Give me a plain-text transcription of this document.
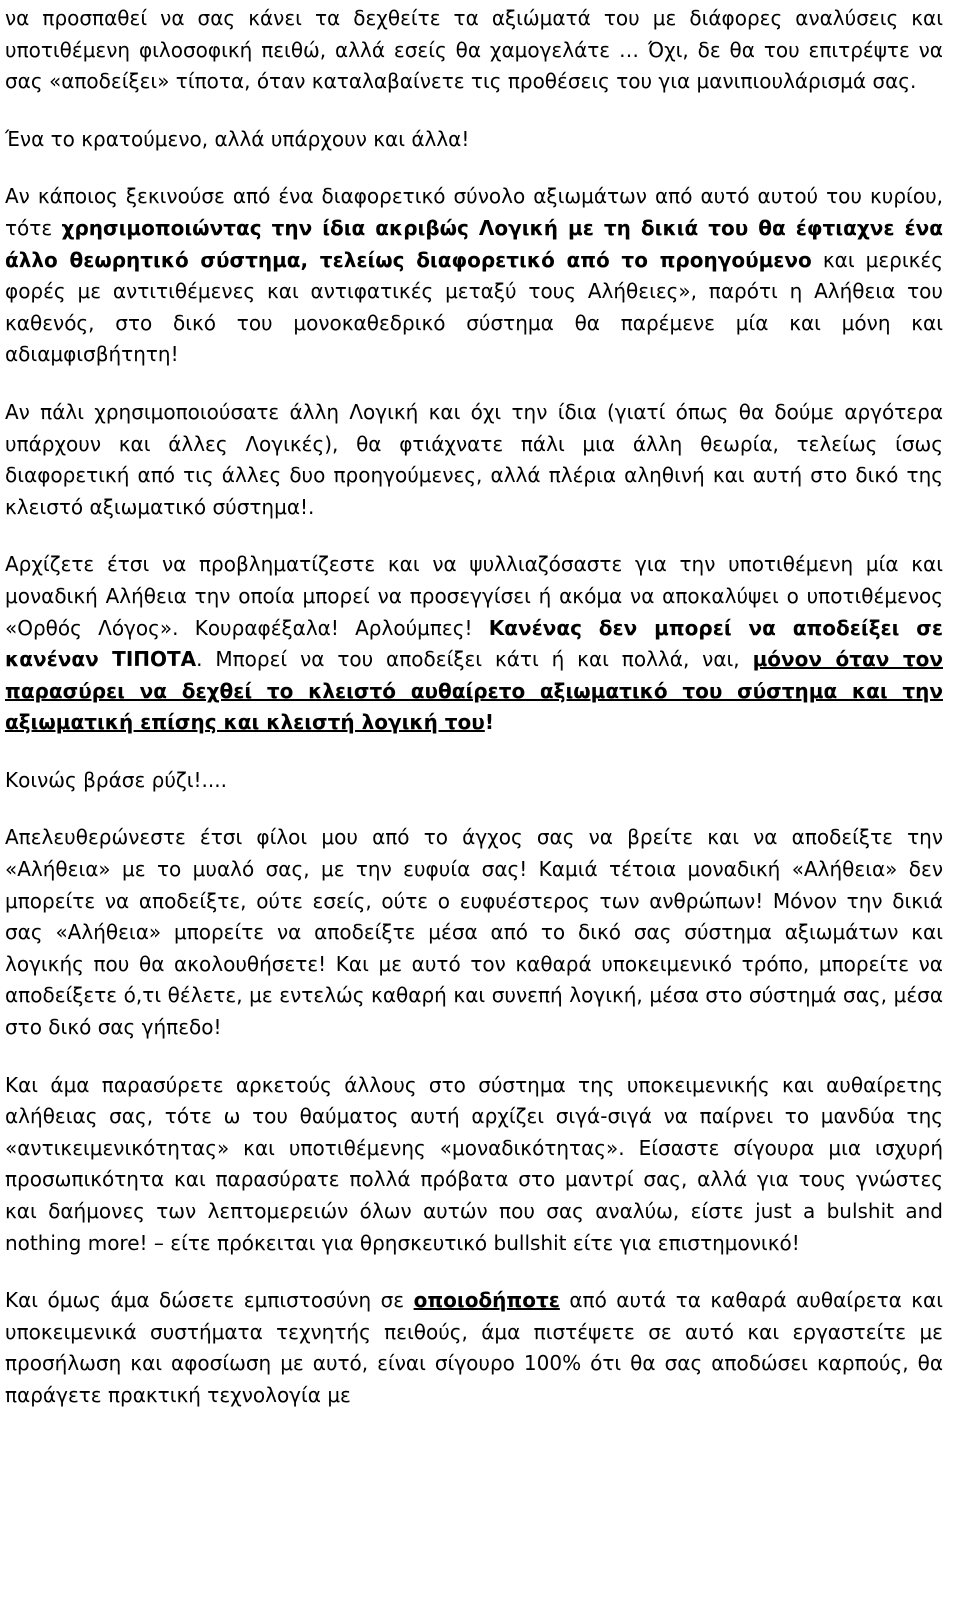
να προσπαθεί να σας κάνει τα δεχθείτε τα αξιώματά του με διάφορες αναλύσεις και υποτιθέμενη φιλοσοφική πειθώ, αλλά εσείς θα χαμογελάτε … Όχι, δε θα του επιτρέψτε να σας «αποδείξει» τίποτα, όταν καταλαβαίνετε τις προθέσεις του για μανιπιουλάρισμά σας.

Ένα το κρατούμενο, αλλά υπάρχουν και άλλα!

Αν κάποιος ξεκινούσε από ένα διαφορετικό σύνολο αξιωμάτων από αυτό αυτού του κυρίου, τότε χρησιμοποιώντας την ίδια ακριβώς Λογική με τη δικιά του θα έφτιαχνε ένα άλλο θεωρητικό σύστημα, τελείως διαφορετικό από το προηγούμενο και μερικές φορές με αντιτιθέμενες και αντιφατικές μεταξύ τους Αλήθειες», παρότι η Αλήθεια του καθενός, στο δικό του μονοκαθεδρικό σύστημα θα παρέμενε μία και μόνη και αδιαμφισβήτητη!

Αν πάλι χρησιμοποιούσατε άλλη Λογική και όχι την ίδια (γιατί όπως θα δούμε αργότερα υπάρχουν και άλλες Λογικές), θα φτιάχνατε πάλι μια άλλη θεωρία, τελείως ίσως διαφορετική από τις άλλες δυο προηγούμενες, αλλά πλέρια αληθινή και αυτή στο δικό της κλειστό αξιωματικό σύστημα!.

Αρχίζετε έτσι να προβληματίζεστε και να ψυλλιαζόσαστε για την υποτιθέμενη μία και μοναδική Αλήθεια την οποία μπορεί να προσεγγίσει ή ακόμα να αποκαλύψει ο υποτιθέμενος «Ορθός Λόγος». Κουραφέξαλα! Αρλούμπες! Κανένας δεν μπορεί να αποδείξει σε κανέναν ΤΙΠΟΤΑ. Μπορεί να του αποδείξει κάτι ή και πολλά, ναι, μόνον όταν τον παρασύρει να δεχθεί το κλειστό αυθαίρετο αξιωματικό του σύστημα και την αξιωματική επίσης και κλειστή λογική του!

Κοινώς βράσε ρύζι!....

Απελευθερώνεστε έτσι φίλοι μου από το άγχος σας να βρείτε και να αποδείξτε την «Αλήθεια» με το μυαλό σας, με την ευφυία σας! Καμιά τέτοια μοναδική «Αλήθεια» δεν μπορείτε να αποδείξτε, ούτε εσείς, ούτε ο ευφυέστερος των ανθρώπων! Μόνον την δικιά σας «Αλήθεια» μπορείτε να αποδείξτε μέσα από το δικό σας σύστημα αξιωμάτων και λογικής που θα ακολουθήσετε! Και με αυτό τον καθαρά υποκειμενικό τρόπο, μπορείτε να αποδείξετε ό,τι θέλετε, με εντελώς καθαρή και συνεπή λογική, μέσα στο σύστημά σας, μέσα στο δικό σας γήπεδο!

Και άμα παρασύρετε αρκετούς άλλους στο σύστημα της υποκειμενικής και αυθαίρετης αλήθειας σας, τότε ω του θαύματος αυτή αρχίζει σιγά-σιγά να παίρνει το μανδύα της «αντικειμενικότητας» και υποτιθέμενης «μοναδικότητας». Είσαστε σίγουρα μια ισχυρή προσωπικότητα και παρασύρατε πολλά πρόβατα στο μαντρί σας, αλλά για τους γνώστες και δαήμονες των λεπτομερειών όλων αυτών που σας αναλύω, είστε just a bulshit and nothing more! – είτε πρόκειται για θρησκευτικό bullshit είτε για επιστημονικό!

Και όμως άμα δώσετε εμπιστοσύνη σε οποιοδήποτε από αυτά τα καθαρά αυθαίρετα και υποκειμενικά συστήματα τεχνητής πειθούς, άμα πιστέψετε σε αυτό και εργαστείτε με προσήλωση και αφοσίωση με αυτό, είναι σίγουρο 100% ότι θα σας αποδώσει καρπούς, θα παράγετε πρακτική τεχνολογία με
